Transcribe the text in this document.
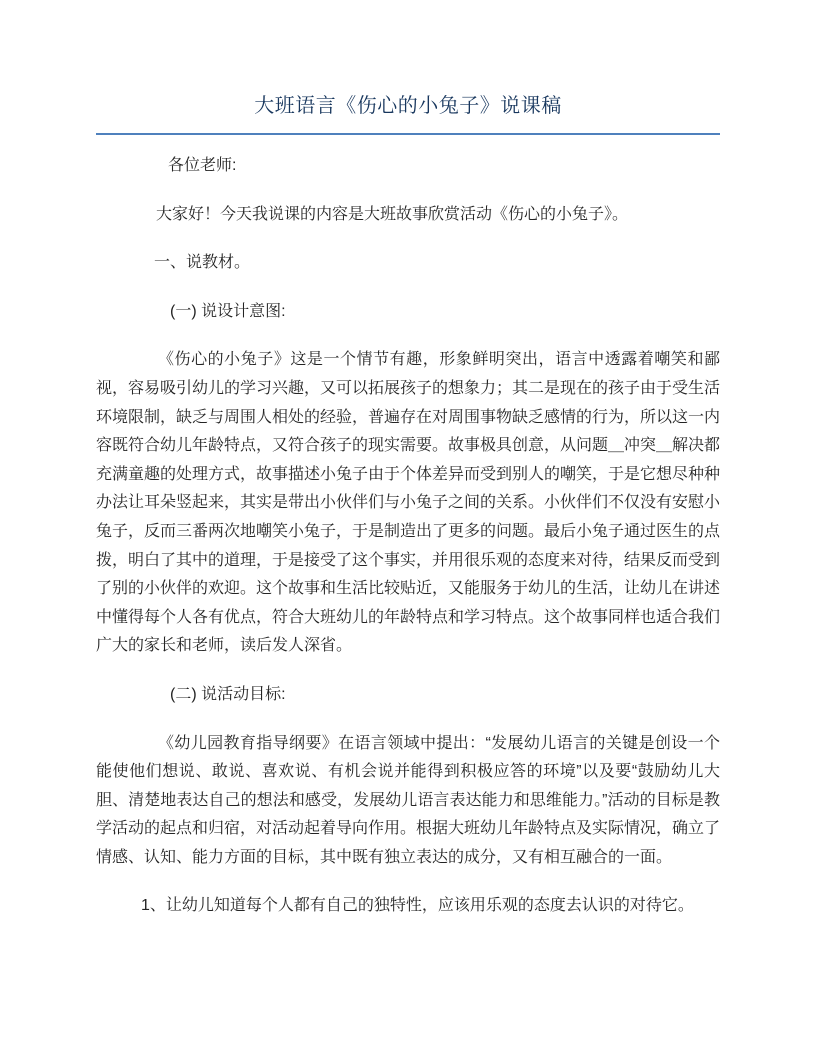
大班语言《伤心的小兔子》说课稿

各位老师:

大家好！今天我说课的内容是大班故事欣赏活动《伤心的小兔子》。

一、说教材。

(一) 说设计意图:

《伤心的小兔子》这是一个情节有趣，形象鲜明突出，语言中透露着嘲笑和鄙视，容易吸引幼儿的学习兴趣，又可以拓展孩子的想象力；其二是现在的孩子由于受生活环境限制，缺乏与周围人相处的经验，普遍存在对周围事物缺乏感情的行为，所以这一内容既符合幼儿年龄特点，又符合孩子的现实需要。故事极具创意，从问题＿冲突＿解决都充满童趣的处理方式，故事描述小兔子由于个体差异而受到别人的嘲笑，于是它想尽种种办法让耳朵竖起来，其实是带出小伙伴们与小兔子之间的关系。小伙伴们不仅没有安慰小兔子，反而三番两次地嘲笑小兔子，于是制造出了更多的问题。最后小兔子通过医生的点拨，明白了其中的道理，于是接受了这个事实，并用很乐观的态度来对待，结果反而受到了别的小伙伴的欢迎。这个故事和生活比较贴近，又能服务于幼儿的生活，让幼儿在讲述中懂得每个人各有优点，符合大班幼儿的年龄特点和学习特点。这个故事同样也适合我们广大的家长和老师，读后发人深省。

(二) 说活动目标:

《幼儿园教育指导纲要》在语言领域中提出：“发展幼儿语言的关键是创设一个能使他们想说、敢说、喜欢说、有机会说并能得到积极应答的环境”以及要“鼓励幼儿大胆、清楚地表达自己的想法和感受，发展幼儿语言表达能力和思维能力。”活动的目标是教学活动的起点和归宿，对活动起着导向作用。根据大班幼儿年龄特点及实际情况，确立了情感、认知、能力方面的目标，其中既有独立表达的成分，又有相互融合的一面。

1、让幼儿知道每个人都有自己的独特性，应该用乐观的态度去认识的对待它。
